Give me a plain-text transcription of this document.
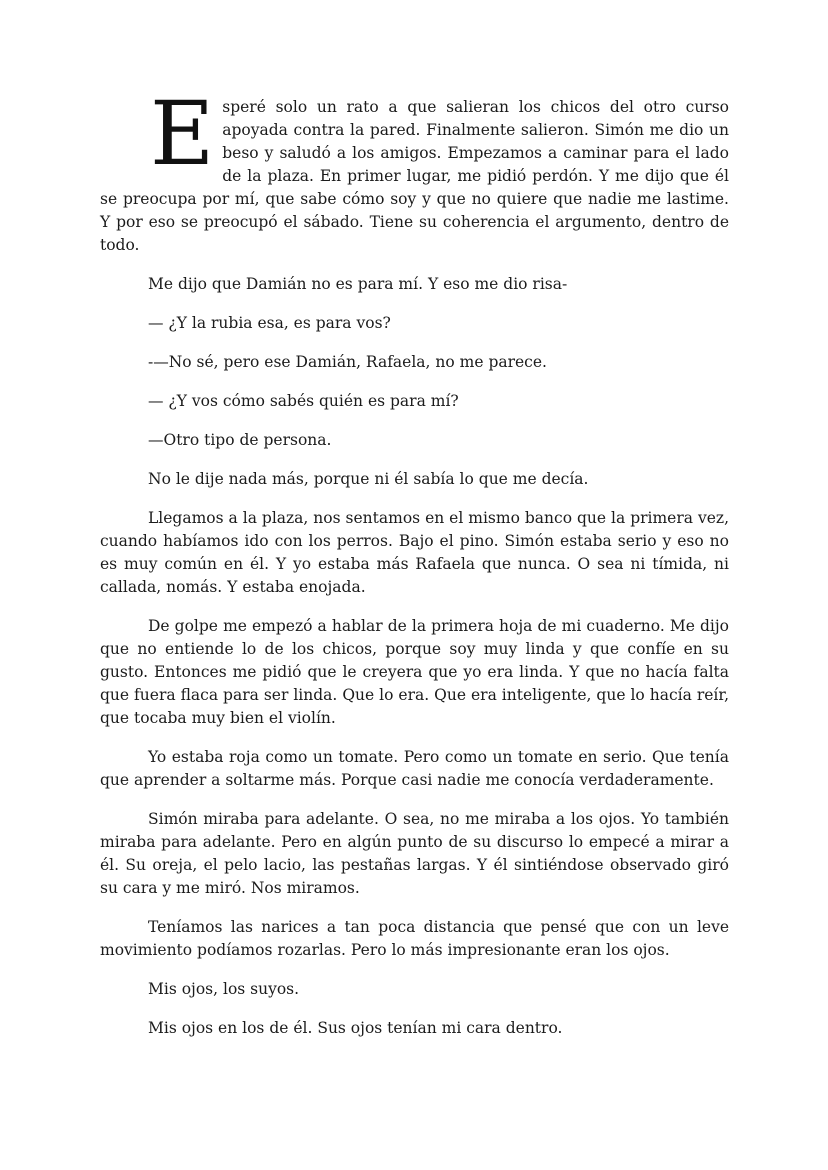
Esperé solo un rato a que salieran los chicos del otro curso apoyada contra la pared. Finalmente salieron. Simón me dio un beso y saludó a los amigos. Empezamos a caminar para el lado de la plaza. En primer lugar, me pidió perdón. Y me dijo que él se preocupa por mí, que sabe cómo soy y que no quiere que nadie me lastime. Y por eso se preocupó el sábado. Tiene su coherencia el argumento, dentro de todo.

Me dijo que Damián no es para mí. Y eso me dio risa-

— ¿Y la rubia esa, es para vos?

-—No sé, pero ese Damián, Rafaela, no me parece.

— ¿Y vos cómo sabés quién es para mí?

—Otro tipo de persona.

No le dije nada más, porque ni él sabía lo que me decía.

Llegamos a la plaza, nos sentamos en el mismo banco que la primera vez, cuando habíamos ido con los perros. Bajo el pino. Simón estaba serio y eso no es muy común en él. Y yo estaba más Rafaela que nunca. O sea ni tímida, ni callada, nomás. Y estaba enojada.

De golpe me empezó a hablar de la primera hoja de mi cuaderno. Me dijo que no entiende lo de los chicos, porque soy muy linda y que confíe en su gusto. Entonces me pidió que le creyera que yo era linda. Y que no hacía falta que fuera flaca para ser linda. Que lo era. Que era inteligente, que lo hacía reír, que tocaba muy bien el violín.

Yo estaba roja como un tomate. Pero como un tomate en serio. Que tenía que aprender a soltarme más. Porque casi nadie me conocía verdaderamente.

Simón miraba para adelante. O sea, no me miraba a los ojos. Yo también miraba para adelante. Pero en algún punto de su discurso lo empecé a mirar a él. Su oreja, el pelo lacio, las pestañas largas. Y él sintiéndose observado giró su cara y me miró. Nos miramos.

Teníamos las narices a tan poca distancia que pensé que con un leve movimiento podíamos rozarlas. Pero lo más impresionante eran los ojos.

Mis ojos, los suyos.

Mis ojos en los de él. Sus ojos tenían mi cara dentro.
